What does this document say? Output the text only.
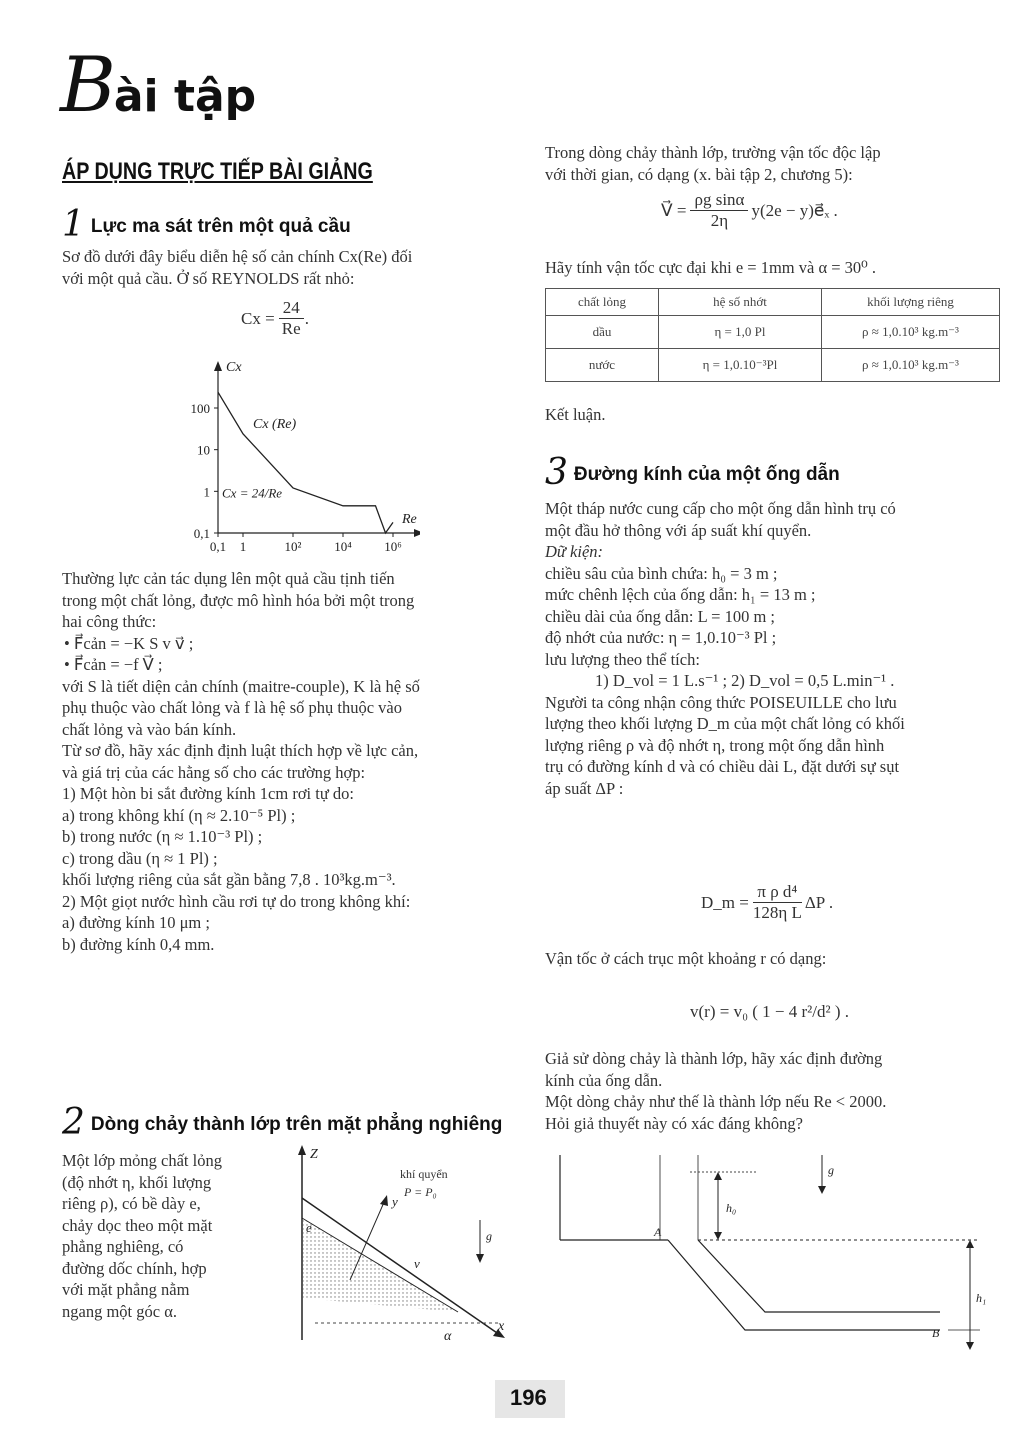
Bài tập
ÁP DỤNG TRỰC TIẾP BÀI GIẢNG
1 Lực ma sát trên một quả cầu
Sơ đồ dưới đây biểu diễn hệ số cản chính Cx(Re) đối
với một quả cầu. Ở số REYNOLDS rất nhỏ:
Cx =	
24
Re
	.
Cx
Re
100
10
1
0,1
0,1 1	10²	10⁴ 10⁶
Cx (Re)
Cx = 24/Re
Thường lực cản tác dụng lên một quả cầu tịnh tiến
trong một chất lỏng, được mô hình hóa bởi một trong
hai công thức:
• F⃗cản = −K S v v⃗ ;
• F⃗cản = −f V⃗ ;
với S là tiết diện cản chính (maitre-couple), K là hệ số
phụ thuộc vào chất lỏng và f là hệ số phụ thuộc vào
chất lỏng và vào bán kính.
Từ sơ đồ, hãy xác định định luật thích hợp về lực cản,
và giá trị của các hằng số cho các trường hợp:
1) Một hòn bi sắt đường kính 1cm rơi tự do:
a) trong không khí (η ≈ 2.10⁻⁵ Pl) ;
b) trong nước (η ≈ 1.10⁻³ Pl) ;
c) trong dầu (η ≈ 1 Pl) ;
khối lượng riêng của sắt gần bằng 7,8 . 10³kg.m⁻³.
2) Một giọt nước hình cầu rơi tự do trong không khí:
a) đường kính 10 μm ;
b) đường kính 0,4 mm.
2 Dòng chảy thành lớp trên mặt phẳng nghiêng
Một lớp mỏng chất lỏng
(độ nhớt η, khối lượng
riêng ρ), có bề dày e,
chảy dọc theo một mặt
phẳng nghiêng, có
đường dốc chính, hợp
với mặt phẳng nằm
ngang một góc α.
Z
x
α
y
e
v
khí quyển
P = P₀
g
Trong dòng chảy thành lớp, trường vận tốc độc lập
với thời gian, có dạng (x. bài tập 2, chương 5):
V⃗ =	
ρg sinα
2η
	y(2e − y)e⃗ₓ .
Hãy tính vận tốc cực đại khi e = 1mm và α = 30⁰ .
chất lỏng	hệ số nhớt	khối lượng riêng
dầu	η = 1,0 Pl	ρ ≈ 1,0.10³ kg.m⁻³
nước	η = 1,0.10⁻³Pl	ρ ≈ 1,0.10³ kg.m⁻³
Kết luận.
3 Đường kính của một ống dẫn
Một tháp nước cung cấp cho một ống dẫn hình trụ có
một đầu hở thông với áp suất khí quyển.
Dữ kiện:
chiều sâu của bình chứa: h₀ = 3 m ;
mức chênh lệch của ống dẫn: h₁ = 13 m ;
chiều dài của ống dẫn: L = 100 m ;
độ nhớt của nước: η = 1,0.10⁻³ Pl ;
lưu lượng theo thể tích:
1) D_vol = 1 L.s⁻¹ ; 2) D_vol = 0,5 L.min⁻¹ .
Người ta công nhận công thức POISEUILLE cho lưu
lượng theo khối lượng D_m của một chất lỏng có khối
lượng riêng ρ và độ nhớt η, trong một ống dẫn hình
trụ có đường kính d và có chiều dài L, đặt dưới sự sụt
áp suất ΔP :
D_m =	
π ρ d⁴
128η L
	ΔP .
Vận tốc ở cách trục một khoảng r có dạng:
v(r) = v₀ ( 1 − 4 r²/d² ) .
Giả sử dòng chảy là thành lớp, hãy xác định đường
kính của ống dẫn.
Một dòng chảy như thế là thành lớp nếu Re < 2000.
Hỏi giả thuyết này có xác đáng không?
h₀
g
A
B
h₁
196
